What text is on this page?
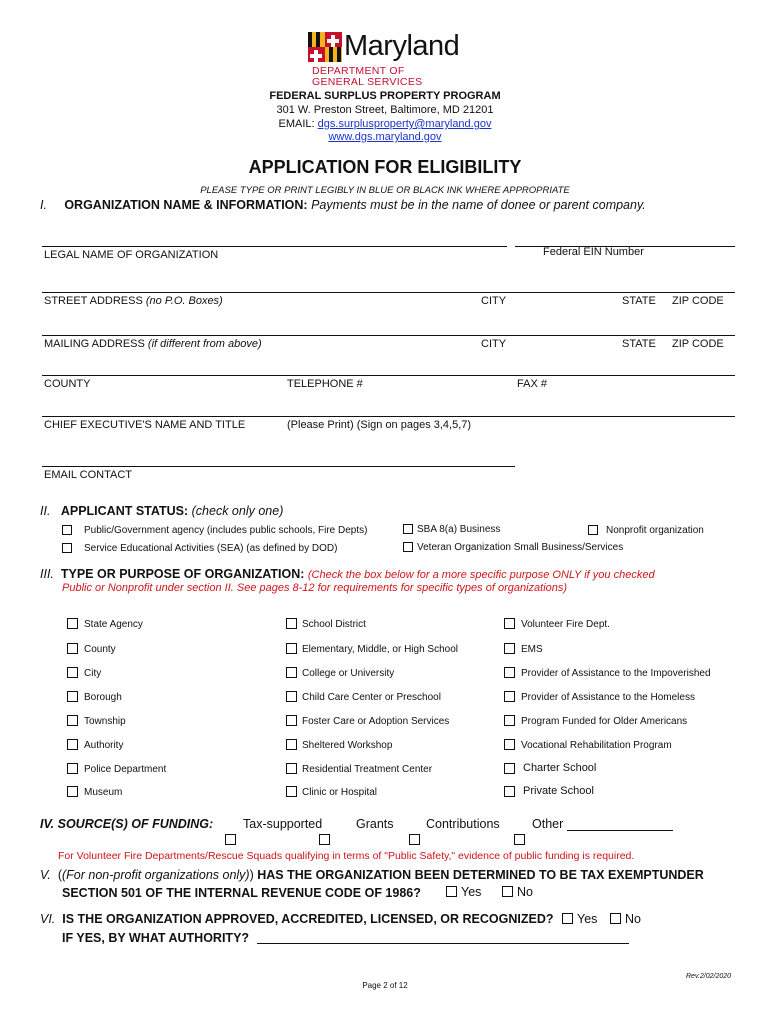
Maryland
DEPARTMENT OF
GENERAL SERVICES
FEDERAL SURPLUS PROPERTY PROGRAM
301 W. Preston Street, Baltimore, MD 21201
EMAIL: dgs.surplusproperty@maryland.gov
www.dgs.maryland.gov
APPLICATION FOR ELIGIBILITY
PLEASE TYPE OR PRINT LEGIBLY IN BLUE OR BLACK INK WHERE APPROPRIATE
I. ORGANIZATION NAME & INFORMATION: Payments must be in the name of donee or parent company.
LEGAL NAME OF ORGANIZATION	Federal EIN Number
STREET ADDRESS (no P.O. Boxes)	CITY	STATE ZIP CODE
MAILING ADDRESS (if different from above)	CITY	STATE ZIP CODE
COUNTY	TELEPHONE #	FAX #
CHIEF EXECUTIVE'S NAME AND TITLE	(Please Print) (Sign on pages 3,4,5,7)
EMAIL CONTACT
II. APPLICANT STATUS: (check only one)
Public/Government agency (includes public schools, Fire Depts)
Service Educational Activities (SEA) (as defined by DOD)
SBA 8(a) Business
Veteran Organization Small Business/Services
Nonprofit organization
III. TYPE OR PURPOSE OF ORGANIZATION: (Check the box below for a more specific purpose ONLY if you checked
Public or Nonprofit under section II. See pages 8-12 for requirements for specific types of organizations)
State Agency
County
City
Borough
Township
Authority
Police Department
Museum
School District
Elementary, Middle, or High School
College or University
Child Care Center or Preschool
Foster Care or Adoption Services
Sheltered Workshop
Residential Treatment Center
Clinic or Hospital
Volunteer Fire Dept.
EMS
Provider of Assistance to the Impoverished
Provider of Assistance to the Homeless
Program Funded for Older Americans
Vocational Rehabilitation Program
Charter School
Private School
IV. SOURCE(S) OF FUNDING: Tax-supported	Grants	Contributions	Other
For Volunteer Fire Departments/Rescue Squads qualifying in terms of "Public Safety," evidence of public funding is required.
V.  ((For non-profit organizations only)) HAS THE ORGANIZATION BEEN DETERMINED TO BE TAX EXEMPTUNDER
SECTION 501 OF THE INTERNAL REVENUE CODE OF 1986?	Yes	No
VI. IS THE ORGANIZATION APPROVED, ACCREDITED, LICENSED, OR RECOGNIZED? Yes No
IF YES, BY WHAT AUTHORITY?
Rev.2/02/2020
Page 2 of 12
